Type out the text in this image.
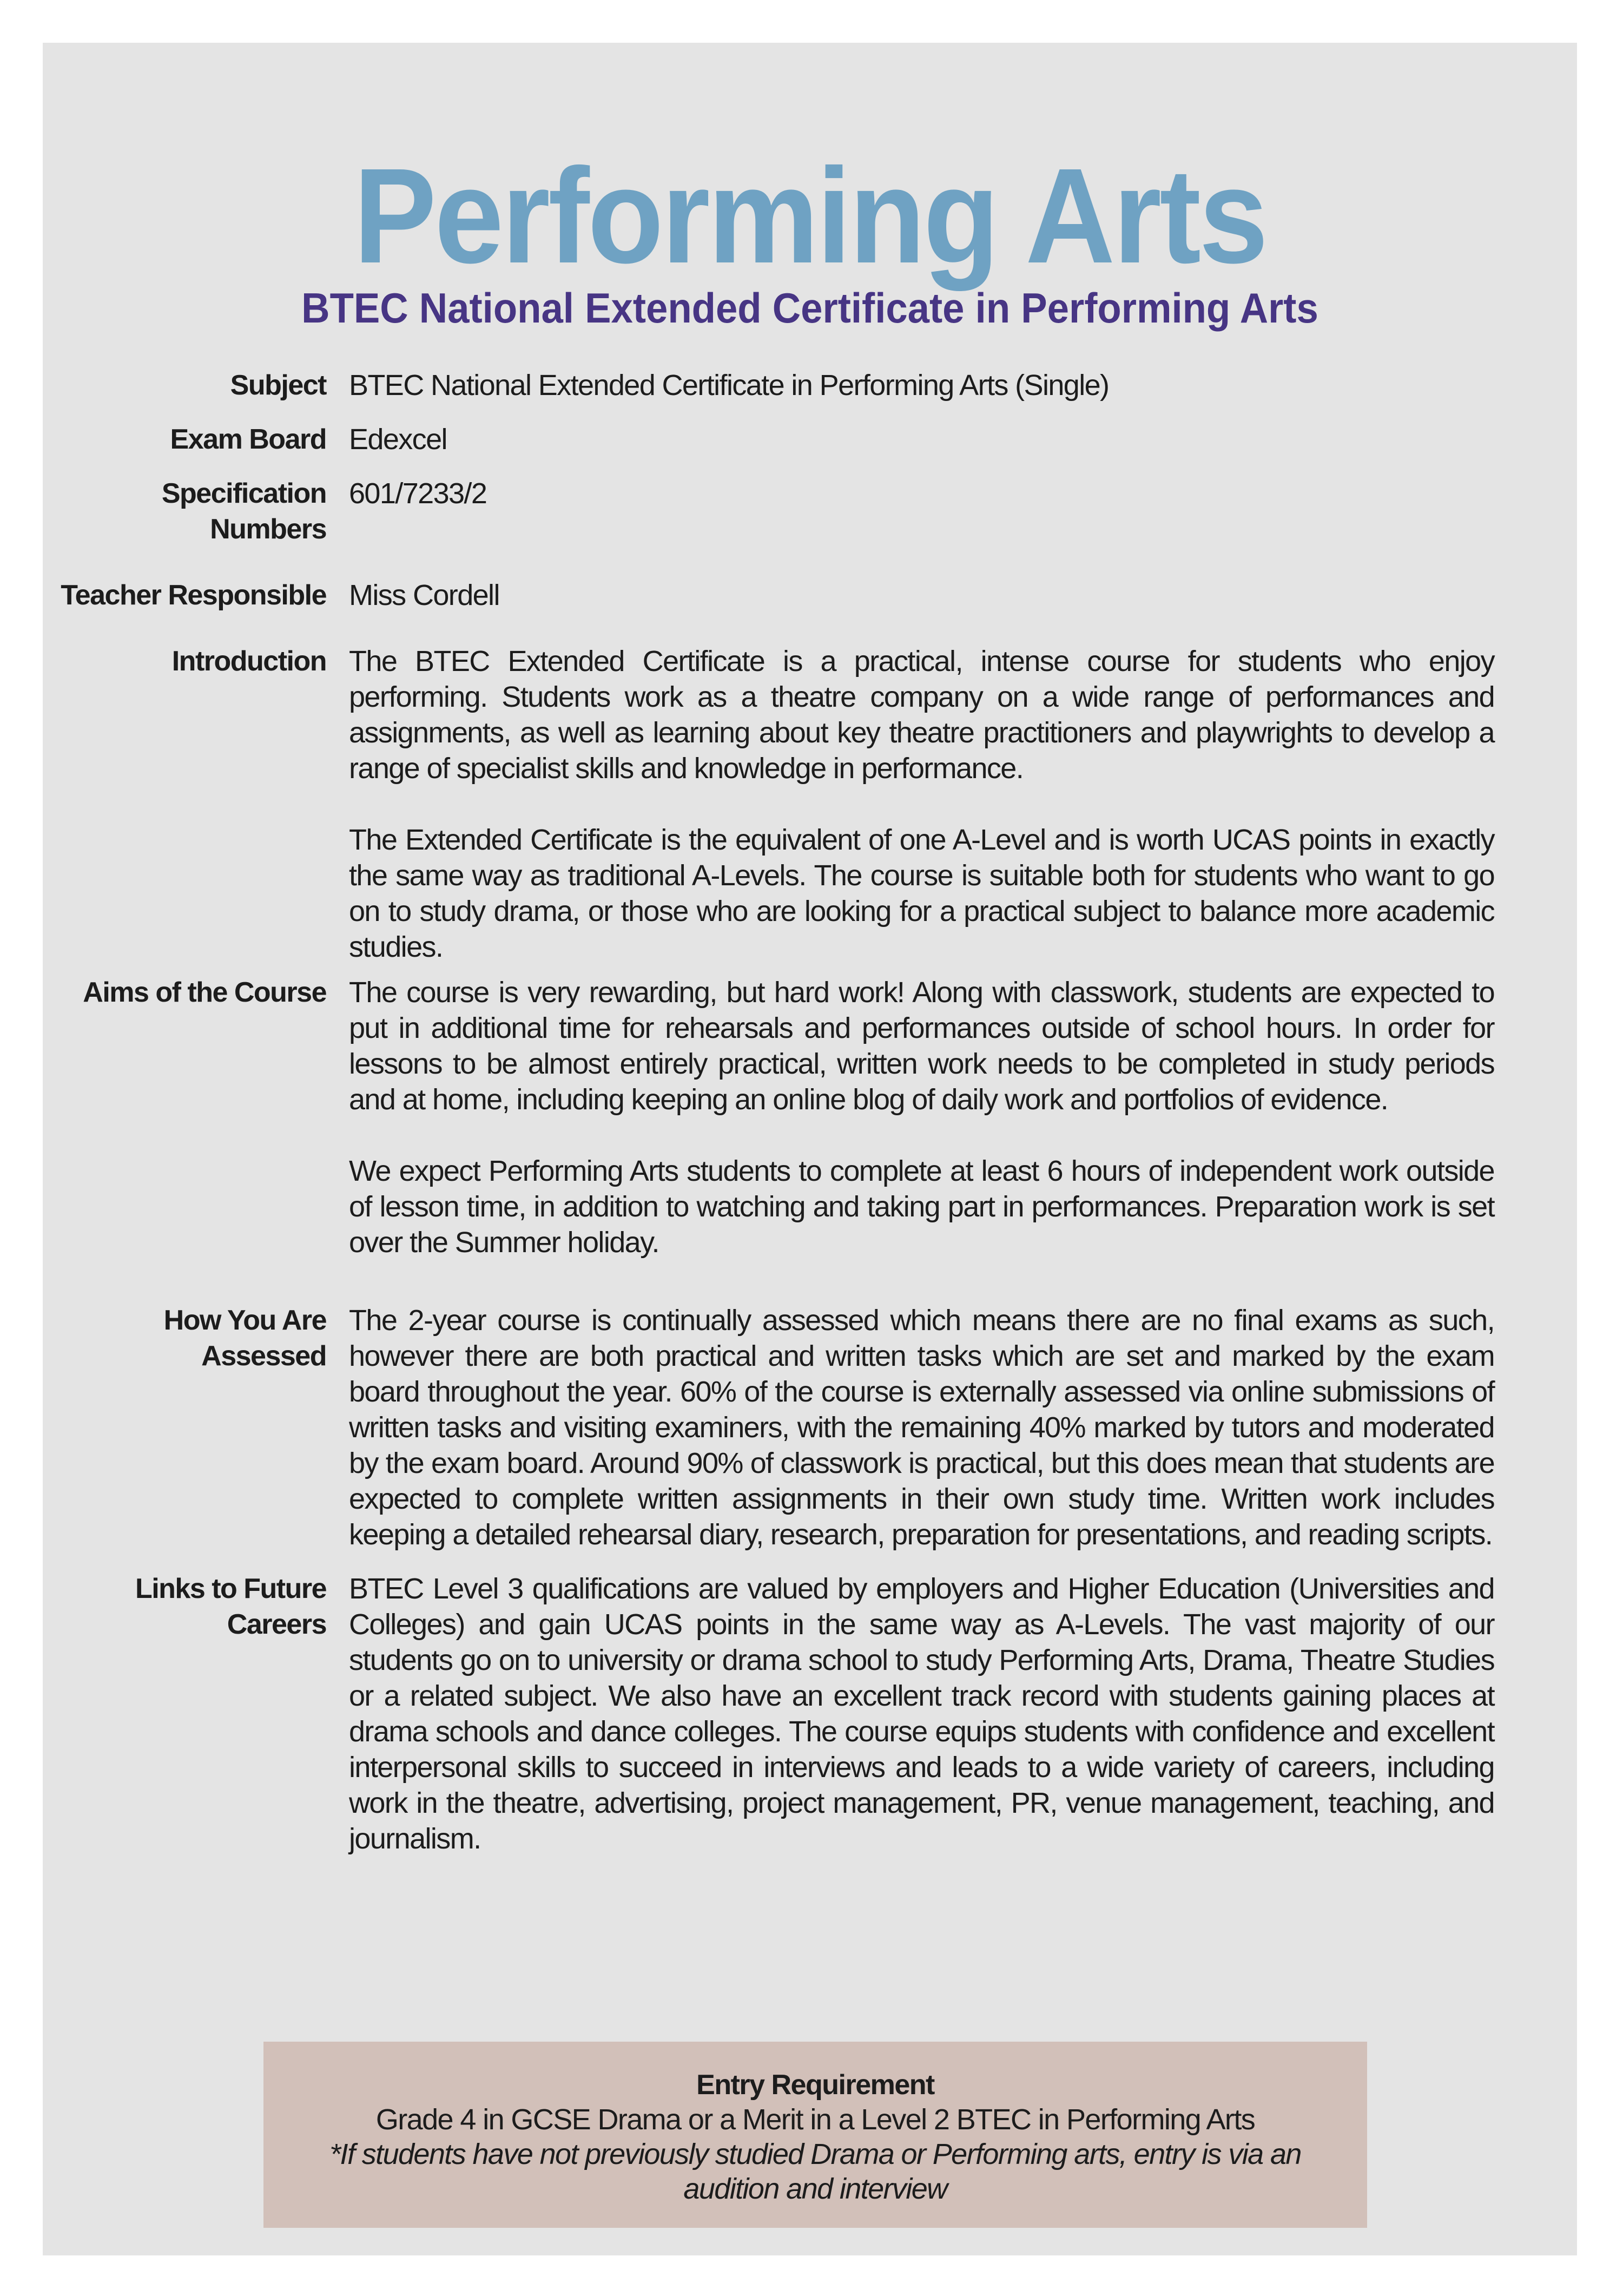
Performing Arts
BTEC National Extended Certificate in Performing Arts
Subject BTEC National Extended Certificate in Performing Arts (Single)

Exam Board Edexcel

Specification Numbers

601/7233/2

Teacher Responsible Miss Cordell

Introduction The BTEC Extended Certificate is a practical, intense course for students who enjoy performing. Students work as a theatre company on a wide range of performances and assignments, as well as learning about key theatre practitioners and playwrights to develop a range of specialist skills and knowledge in performance.

The Extended Certificate is the equivalent of one A-Level and is worth UCAS points in exactly the same way as traditional A-Levels. The course is suitable both for students who want to go on to study drama, or those who are looking for a practical subject to balance more academic studies.

Aims of the Course The course is very rewarding, but hard work! Along with classwork, students are expected to put in additional time for rehearsals and performances outside of school hours. In order for lessons to be almost entirely practical, written work needs to be completed in study periods and at home, including keeping an online blog of daily work and portfolios of evidence.

We expect Performing Arts students to complete at least 6 hours of independent work outside of lesson time, in addition to watching and taking part in performances. Preparation work is set over the Summer holiday.

How You Are Assessed

The 2-year course is continually assessed which means there are no final exams as such, however there are both practical and written tasks which are set and marked by the exam board throughout the year. 60% of the course is externally assessed via online submissions of written tasks and visiting examiners, with the remaining 40% marked by tutors and moderated by the exam board. Around 90% of classwork is practical, but this does mean that students are expected to complete written assignments in their own study time. Written work includes keeping a detailed rehearsal diary, research, preparation for presentations, and reading scripts.

Links to Future Careers

BTEC Level 3 qualifications are valued by employers and Higher Education (Universities and Colleges) and gain UCAS points in the same way as A-Levels. The vast majority of our students go on to university or drama school to study Performing Arts, Drama, Theatre Studies or a related subject. We also have an excellent track record with students gaining places at drama schools and dance colleges. The course equips students with confidence and excellent interpersonal skills to succeed in interviews and leads to a wide variety of careers, including work in the theatre, advertising, project management, PR, venue management, teaching, and journalism.

Entry Requirement
Grade 4 in GCSE Drama or a Merit in a Level 2 BTEC in Performing Arts
*If students have not previously studied Drama or Performing arts, entry is via an audition and interview
